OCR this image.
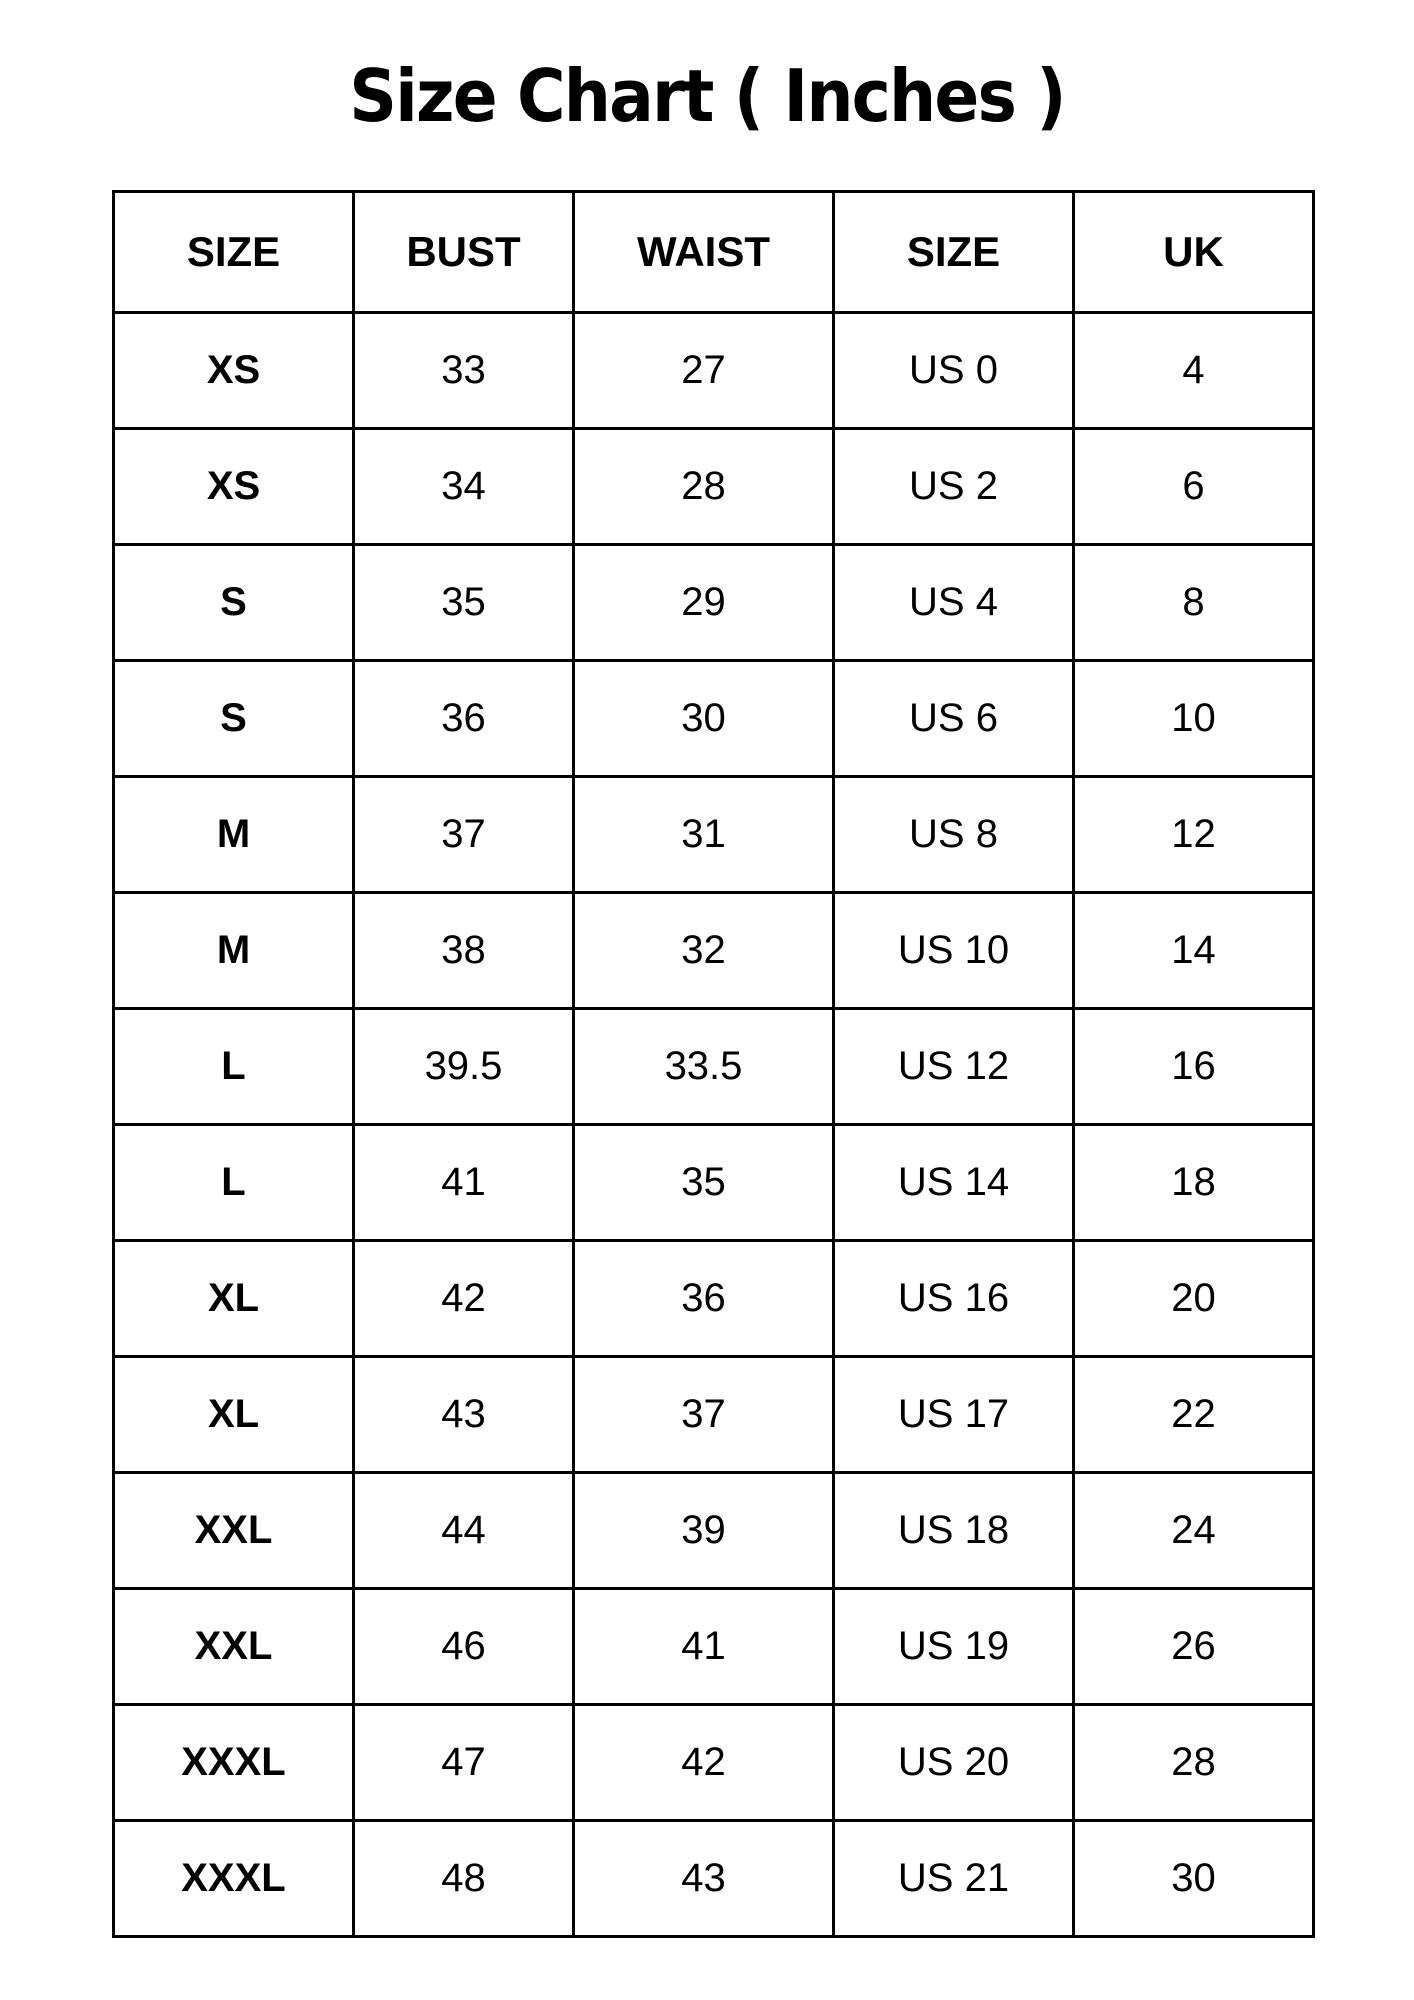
Size Chart ( Inches )
SIZE	BUST	WAIST	SIZE	UK
XS	33	27	US 0	4
XS	34	28	US 2	6
S	35	29	US 4	8
S	36	30	US 6	10
M	37	31	US 8	12
M	38	32	US 10	14
L	39.5	33.5	US 12	16
L	41	35	US 14	18
XL	42	36	US 16	20
XL	43	37	US 17	22
XXL	44	39	US 18	24
XXL	46	41	US 19	26
XXXL	47	42	US 20	28
XXXL	48	43	US 21	30
